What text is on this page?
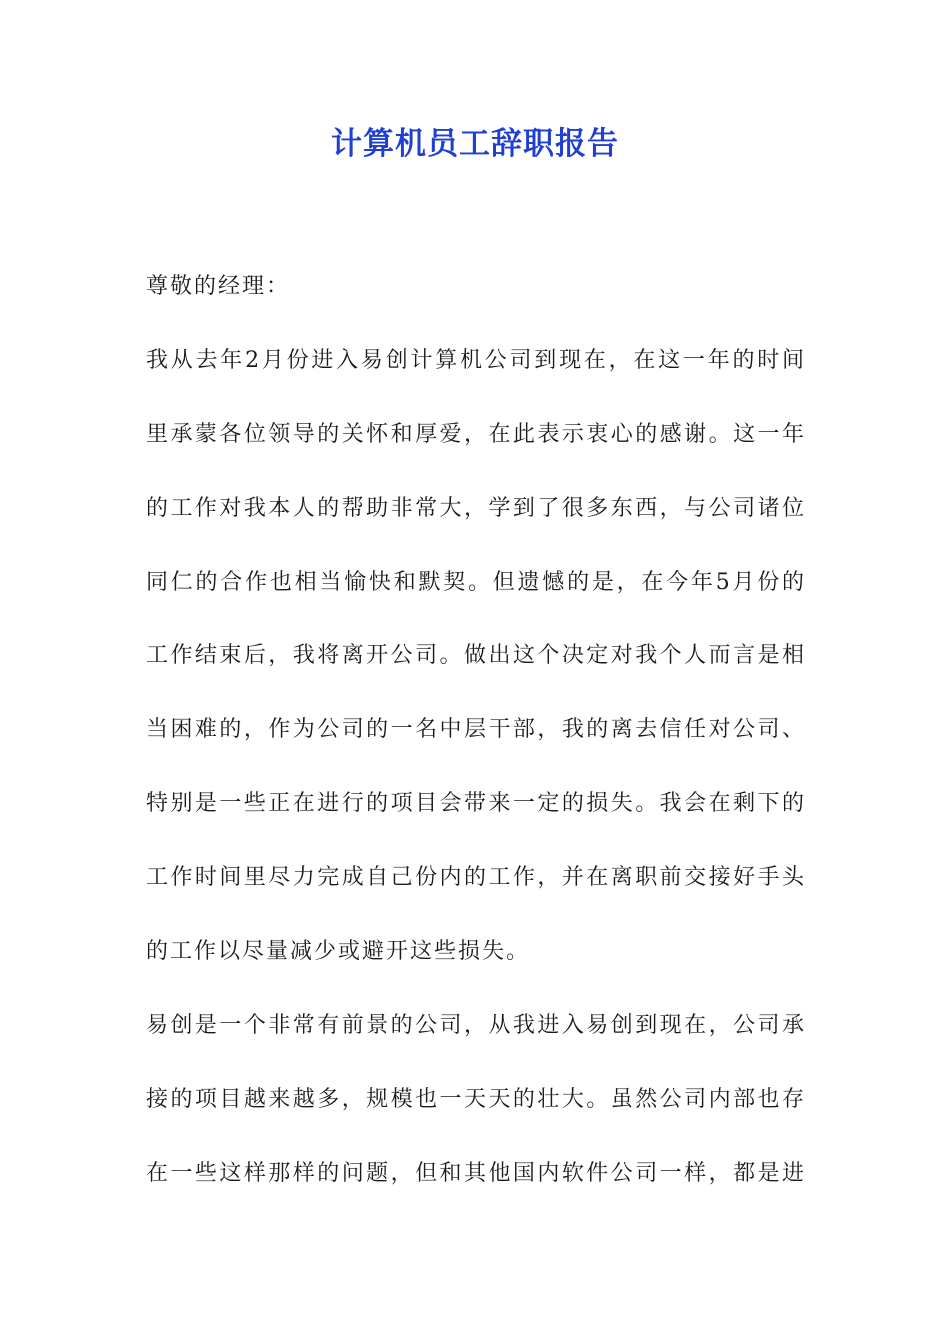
计算机员工辞职报告
尊敬的经理：
我从去年2月份进入易创计算机公司到现在，在这一年的时间
里承蒙各位领导的关怀和厚爱，在此表示衷心的感谢。这一年
的工作对我本人的帮助非常大，学到了很多东西，与公司诸位
同仁的合作也相当愉快和默契。但遗憾的是，在今年5月份的
工作结束后，我将离开公司。做出这个决定对我个人而言是相
当困难的，作为公司的一名中层干部，我的离去信任对公司、
特别是一些正在进行的项目会带来一定的损失。我会在剩下的
工作时间里尽力完成自己份内的工作，并在离职前交接好手头
的工作以尽量减少或避开这些损失。
易创是一个非常有前景的公司，从我进入易创到现在，公司承
接的项目越来越多，规模也一天天的壮大。虽然公司内部也存
在一些这样那样的问题，但和其他国内软件公司一样，都是进
